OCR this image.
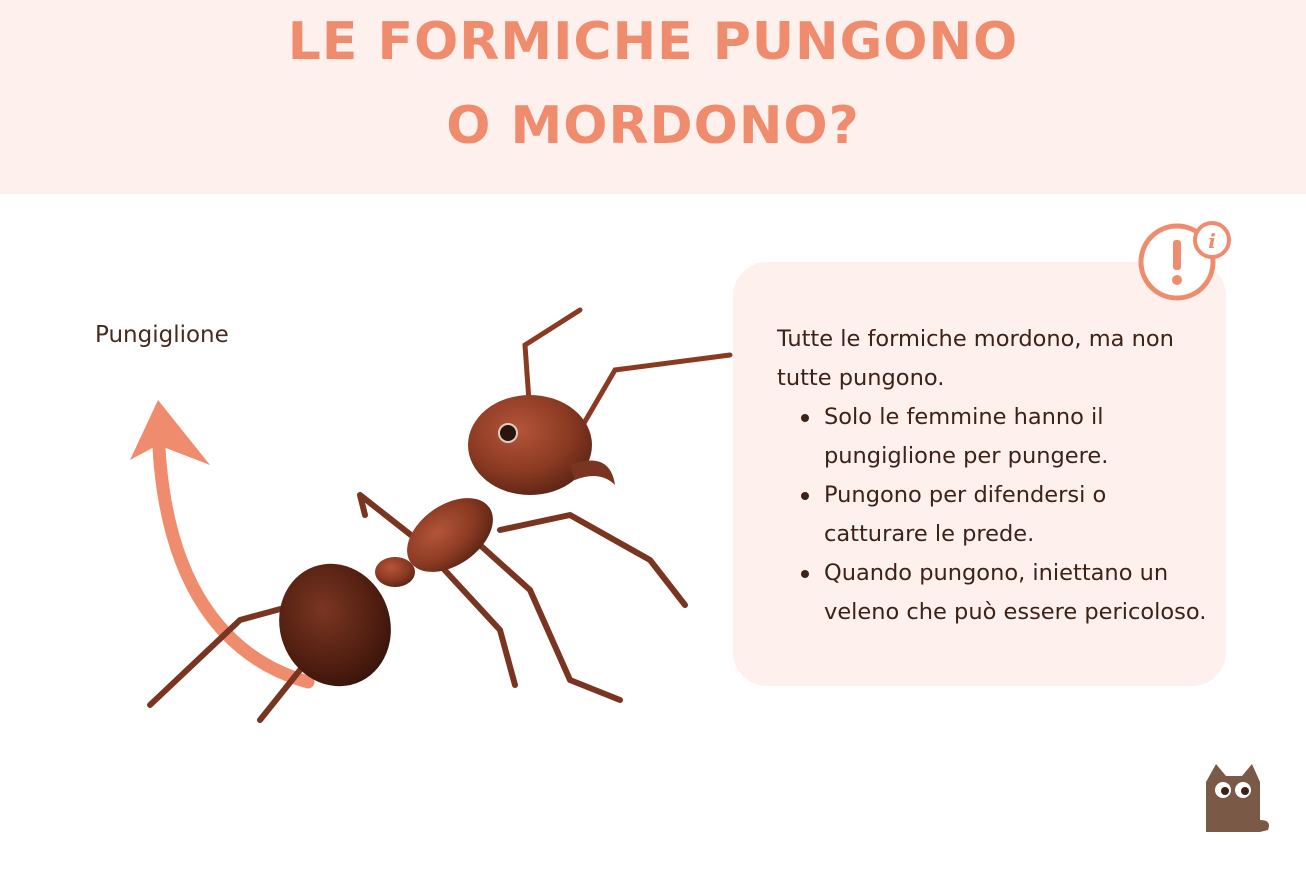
LE FORMICHE PUNGONO
O MORDONO?
Pungiglione
i
Tutte le formiche mordono, ma non tutte pungono.
Solo le femmine hanno il pungiglione per pungere.
Pungono per difendersi o catturare le prede.
Quando pungono, iniettano un veleno che può essere pericoloso.
